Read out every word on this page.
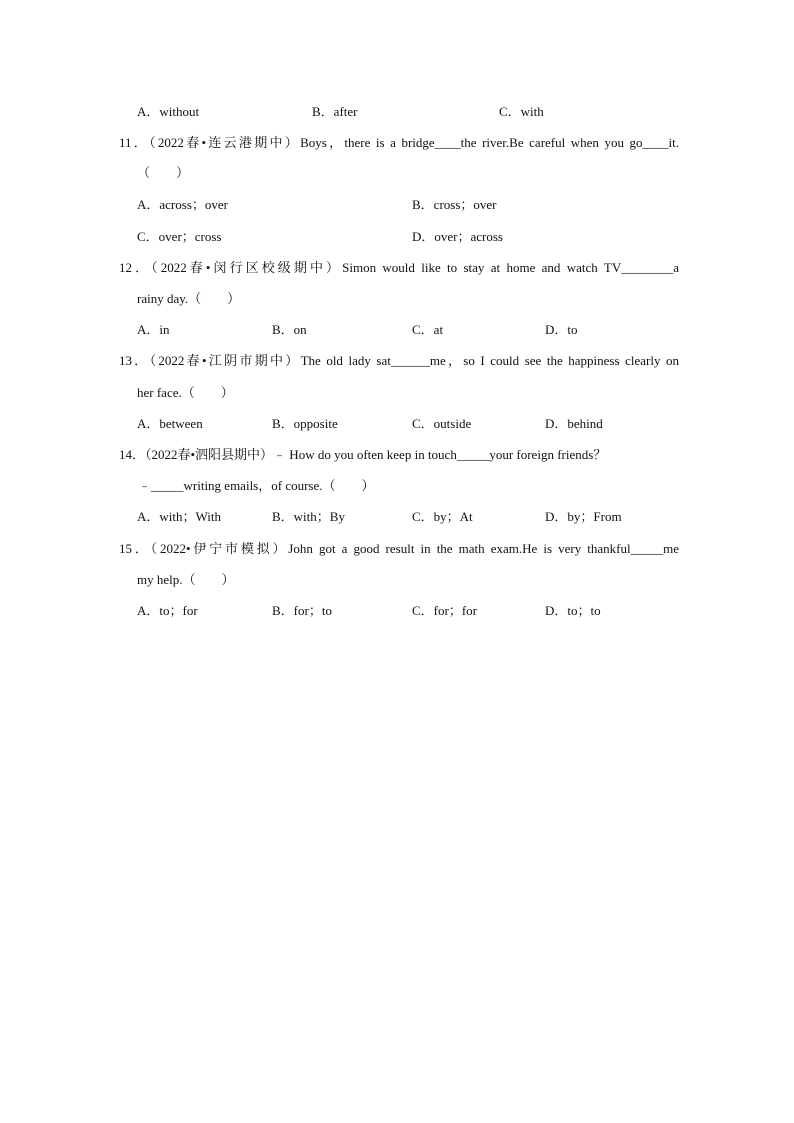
A．without	B．after	C．with
11．（2022春•连云港期中）Boys，there is a bridge____the river.Be careful when you go____it.
（　　）
A．across；over	B．cross；over
C．over；cross	D．over；across
12．（2022春•闵行区校级期中）Simon would like to stay at home and watch TV________a
rainy day.（　　）
A．in	B．on	C．at	D．to
13．（2022春•江阴市期中）The old lady sat______me，so I could see the happiness clearly on
her face.（　　）
A．between	B．opposite	C．outside	D．behind
14．（2022春•泗阳县期中）﹣ How do you often keep in touch_____your foreign friends？
﹣_____writing emails，of course.（　　）
A．with；With	B．with；By	C．by；At	D．by；From
15．（2022•伊宁市模拟）John got a good result in the math exam.He is very thankful_____me
my help.（　　）
A．to；for	B．for；to	C．for；for	D．to；to
